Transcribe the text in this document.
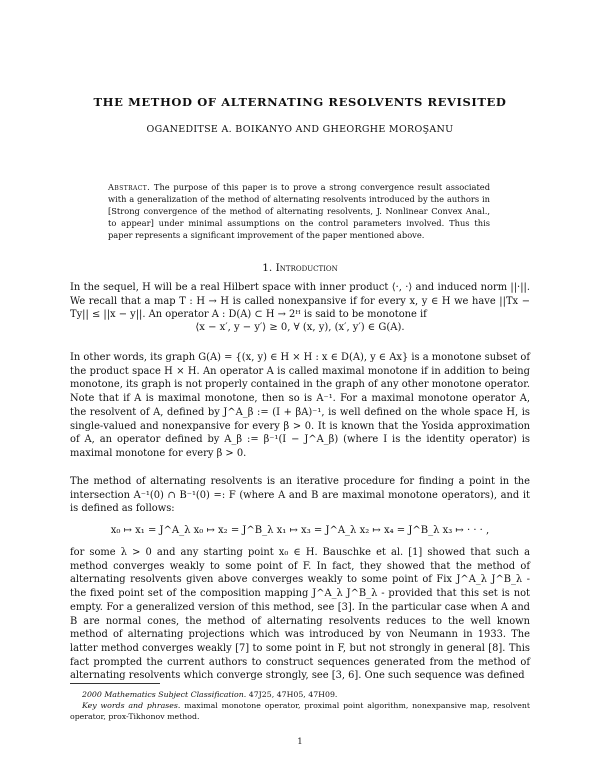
THE METHOD OF ALTERNATING RESOLVENTS REVISITED
OGANEDITSE A. BOIKANYO AND GHEORGHE MOROŞANU
Abstract. The purpose of this paper is to prove a strong convergence result associated with a generalization of the method of alternating resolvents introduced by the authors in [Strong convergence of the method of alternating resolvents, J. Nonlinear Convex Anal., to appear] under minimal assumptions on the control parameters involved. Thus this paper represents a significant improvement of the paper mentioned above.
1. Introduction

In the sequel, H will be a real Hilbert space with inner product ⟨·, ·⟩ and induced norm ||·||. We recall that a map T : H → H is called nonexpansive if for every x, y ∈ H we have ||Tx − Ty|| ≤ ||x − y||. An operator A : D(A) ⊂ H → 2ᴴ is said to be monotone if

⟨x − x′, y − y′⟩ ≥ 0, ∀ (x, y), (x′, y′) ∈ G(A).

In other words, its graph G(A) = {(x, y) ∈ H × H : x ∈ D(A), y ∈ Ax} is a monotone subset of the product space H × H. An operator A is called maximal monotone if in addition to being monotone, its graph is not properly contained in the graph of any other monotone operator. Note that if A is maximal monotone, then so is A⁻¹. For a maximal monotone operator A, the resolvent of A, defined by J^A_β := (I + βA)⁻¹, is well defined on the whole space H, is single-valued and nonexpansive for every β > 0. It is known that the Yosida approximation of A, an operator defined by A_β := β⁻¹(I − J^A_β) (where I is the identity operator) is maximal monotone for every β > 0.

The method of alternating resolvents is an iterative procedure for finding a point in the intersection A⁻¹(0) ∩ B⁻¹(0) =: F (where A and B are maximal monotone operators), and it is defined as follows:

x₀ ↦ x₁ = J^A_λ x₀ ↦ x₂ = J^B_λ x₁ ↦ x₃ = J^A_λ x₂ ↦ x₄ = J^B_λ x₃ ↦ · · · ,

for some λ > 0 and any starting point x₀ ∈ H. Bauschke et al. [1] showed that such a method converges weakly to some point of F. In fact, they showed that the method of alternating resolvents given above converges weakly to some point of Fix J^A_λ J^B_λ - the fixed point set of the composition mapping J^A_λ J^B_λ - provided that this set is not empty. For a generalized version of this method, see [3]. In the particular case when A and B are normal cones, the method of alternating resolvents reduces to the well known method of alternating projections which was introduced by von Neumann in 1933. The latter method converges weakly [7] to some point in F, but not strongly in general [8]. This fact prompted the current authors to construct sequences generated from the method of alternating resolvents which converge strongly, see [3, 6]. One such sequence was defined

2000 Mathematics Subject Classification. 47J25, 47H05, 47H09.

Key words and phrases. maximal monotone operator, proximal point algorithm, nonexpansive map, resolvent operator, prox-Tikhonov method.

1
